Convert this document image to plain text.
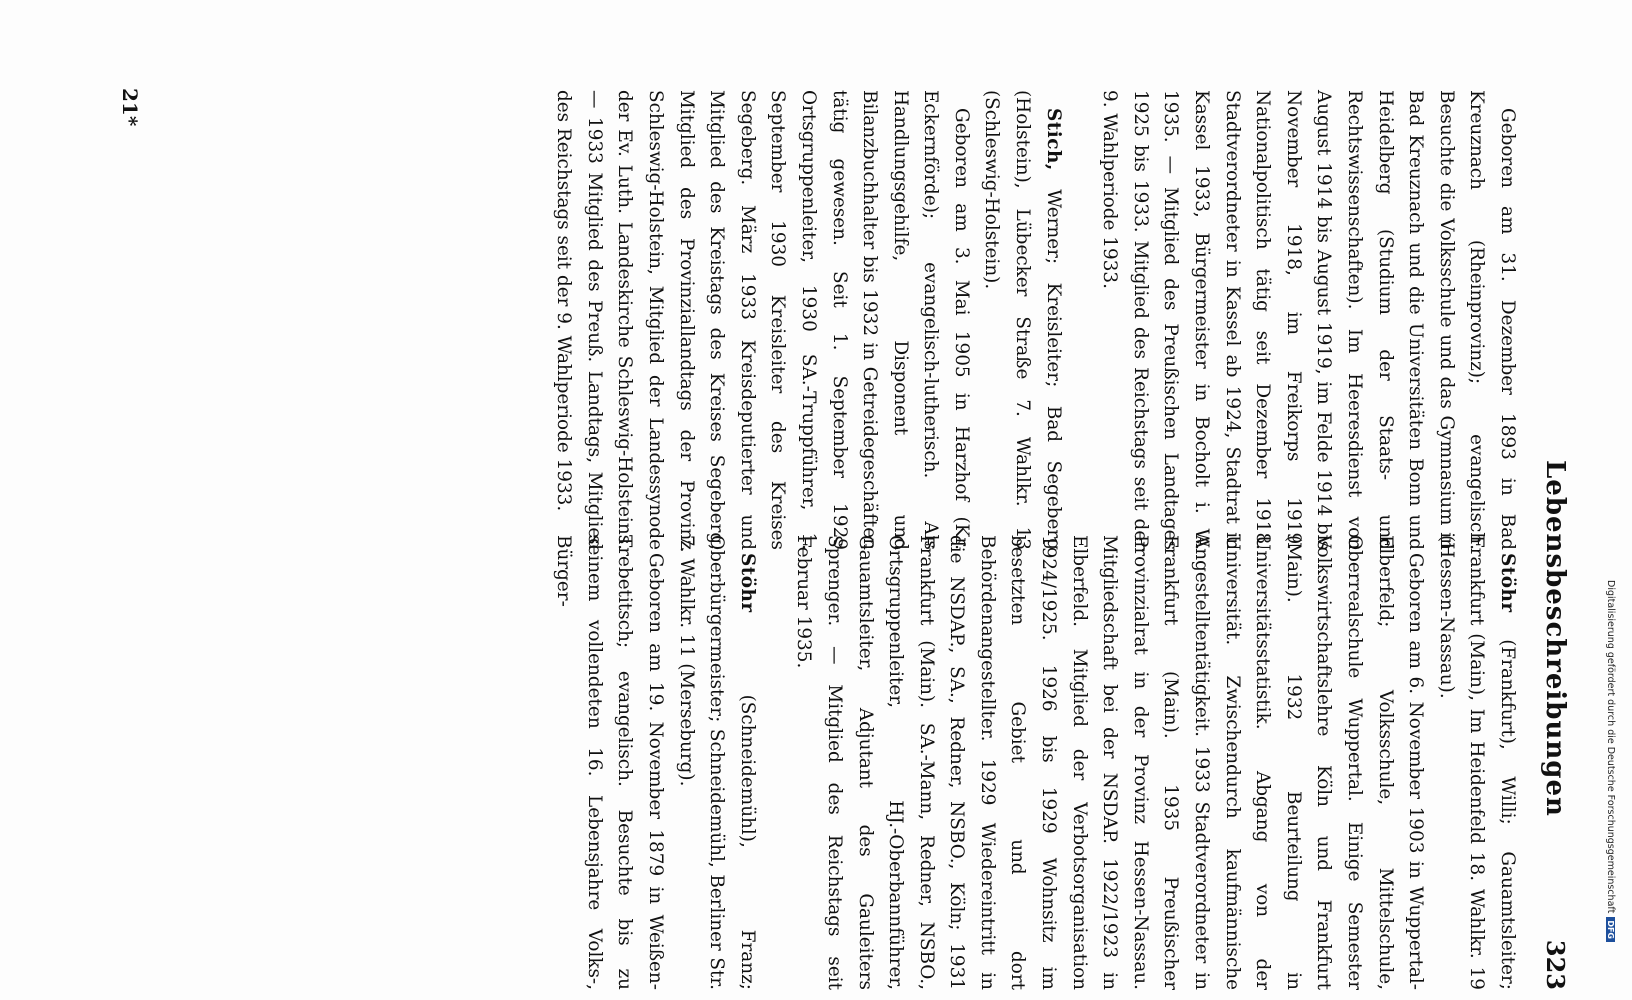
Lebensbeschreibungen
323

Geboren am 31. Dezember 1893 in Bad Kreuznach (Rheinprovinz); evangelisch. Besuchte die Volksschule und das Gymnasium in Bad Kreuznach und die Universitäten Bonn und Heidelberg (Studium der Staats- und Rechtswissenschaften). Im Heeresdienst von August 1914 bis August 1919, im Felde 1914 bis November 1918, im Freikorps 1919. Nationalpolitisch tätig seit Dezember 1918. Stadtverordneter in Kassel ab 1924, Stadtrat in Kassel 1933, Bürgermeister in Bocholt i. W. 1935. — Mitglied des Preußischen Landtages 1925 bis 1933. Mitglied des Reichstags seit der 9. Wahlperiode 1933.

Stich, Werner; Kreisleiter; Bad Segeberg (Holstein), Lübecker Straße 7. Wahlkr. 13 (Schleswig-Holstein).

Geboren am 3. Mai 1905 in Harzhof (Kr. Eckernförde); evangelisch-lutherisch. Als Handlungsgehilfe, Disponent und Bilanzbuchhalter bis 1932 in Getreidegeschäften tätig gewesen. Seit 1. September 1929 Ortsgruppenleiter, 1930 SA.-Truppführer, 1. September 1930 Kreisleiter des Kreises Segeberg. März 1933 Kreisdeputierter und Mitglied des Kreistags des Kreises Segeberg, Mitglied des Provinziallandtags der Provinz Schleswig-Holstein, Mitglied der Landessynode der Ev. Luth. Landeskirche Schleswig-Holsteins. — 1933 Mitglied des Preuß. Landtags, Mitglied des Reichstags seit der 9. Wahlperiode 1933.

Stöhr (Frankfurt), Willi; Gauamtsleiter; Frankfurt (Main), Im Heidenfeld 18. Wahlkr. 19 (Hessen-Nassau).

Geboren am 6. November 1903 in Wuppertal-Elberfeld; Volksschule, Mittelschule, Oberrealschule Wuppertal. Einige Semester Volkswirtschaftslehre Köln und Frankfurt (Main). 1932 Beurteilung in Universitätsstatistik. Abgang von der Universität. Zwischendurch kaufmännische Angestelltentätigkeit. 1933 Stadtverordneter in Frankfurt (Main). 1935 Preußischer Provinzialrat in der Provinz Hessen-Nassau. Mitgliedschaft bei der NSDAP. 1922/1923 in Elberfeld. Mitglied der Verbotsorganisation 1924/1925. 1926 bis 1929 Wohnsitz im besetzten Gebiet und dort Behördenangestellter. 1929 Wiedereintritt in die NSDAP., SA., Redner, NSBO., Köln; 1931 Frankfurt (Main). SA.-Mann, Redner, NSBO., Ortsgruppenleiter, HJ.-Oberbannführer, Gauamtsleiter, Adjutant des Gauleiters Sprenger. — Mitglied des Reichstags seit Februar 1935.

Stöhr (Schneidemühl), Franz; Oberbürgermeister; Schneidemühl, Berliner Str. 7. Wahlkr. 11 (Merseburg).

Geboren am 19. November 1879 in Weißen-Trebetitsch; evangelisch. Besuchte bis zu seinem vollendeten 16. Lebensjahre Volks-, Bürger-

21*
Digitalisierung gefördert durch die Deutsche ForschungsgemeinschaftDFG
